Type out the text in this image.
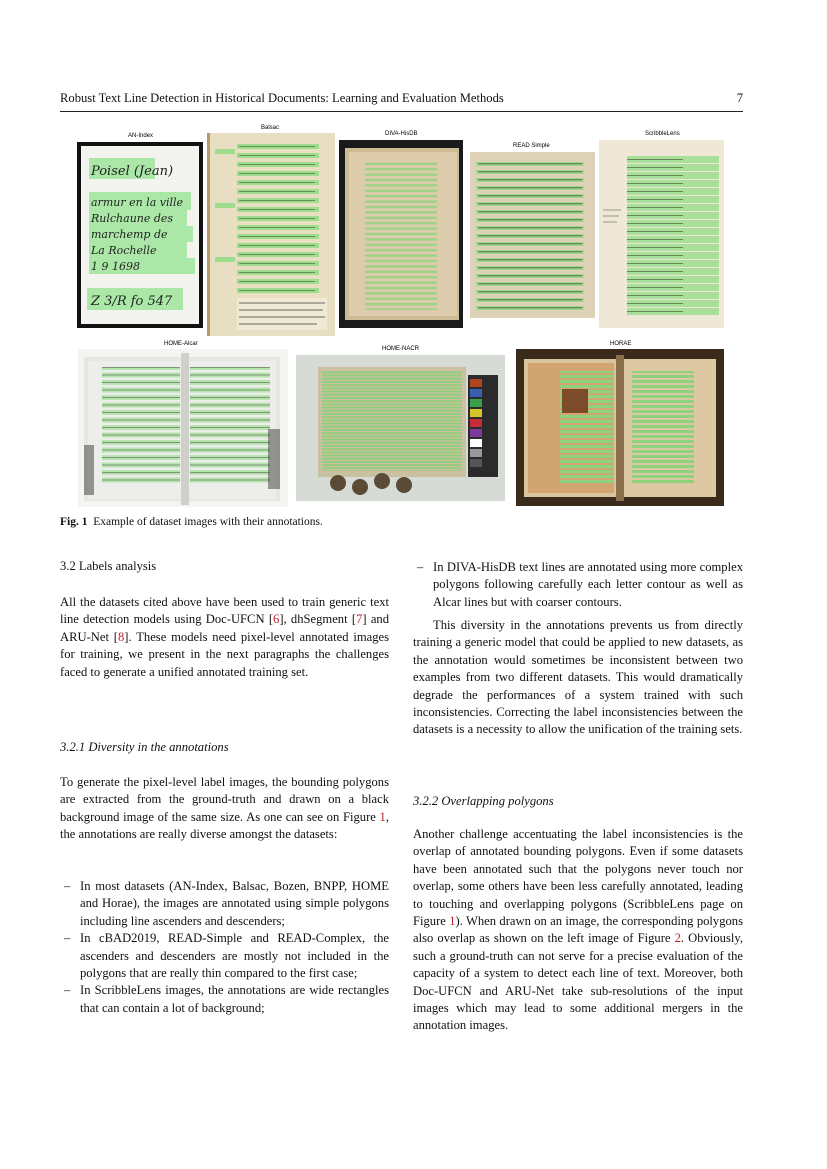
Robust Text Line Detection in Historical Documents: Learning and Evaluation Methods	7
AN-Index
Balsac
DIVA-HisDB
READ Simple
ScribbleLens
HOME-Alcar
HOME-NACR
HORAE
Poisel (Jean)
armur en la ville
Rulchaune des
marchemp de
La Rochelle
1 9 1698
Z 3/R fo 547
Fig. 1 Example of dataset images with their annotations.
3.2 Labels analysis

All the datasets cited above have been used to train generic text line detection models using Doc-UFCN [6], dhSegment [7] and ARU-Net [8]. These models need pixel-level annotated images for training, we present in the next paragraphs the challenges faced to generate a unified annotated training set.

3.2.1 Diversity in the annotations

To generate the pixel-level label images, the bounding polygons are extracted from the ground-truth and drawn on a black background image of the same size. As one can see on Figure 1, the annotations are really diverse amongst the datasets:

– In most datasets (AN-Index, Balsac, Bozen, BNPP, HOME and Horae), the images are annotated using simple polygons including line ascenders and descenders;
– In cBAD2019, READ-Simple and READ-Complex, the ascenders and descenders are mostly not included in the polygons that are really thin compared to the first case;
– In ScribbleLens images, the annotations are wide rectangles that can contain a lot of background;
– In DIVA-HisDB text lines are annotated using more complex polygons following carefully each letter contour as well as Alcar lines but with coarser contours.

This diversity in the annotations prevents us from directly training a generic model that could be applied to new datasets, as the annotation would sometimes be inconsistent between two examples from two different datasets. This would dramatically degrade the performances of a system trained with such inconsistencies. Correcting the label inconsistencies between the datasets is a necessity to allow the unification of the training sets.

3.2.2 Overlapping polygons

Another challenge accentuating the label inconsistencies is the overlap of annotated bounding polygons. Even if some datasets have been annotated such that the polygons never touch nor overlap, some others have been less carefully annotated, leading to touching and overlapping polygons (ScribbleLens page on Figure 1). When drawn on an image, the corresponding polygons also overlap as shown on the left image of Figure 2. Obviously, such a ground-truth can not serve for a precise evaluation of the capacity of a system to detect each line of text. Moreover, both Doc-UFCN and ARU-Net take sub-resolutions of the input images which may lead to some additional mergers in the annotation images.
